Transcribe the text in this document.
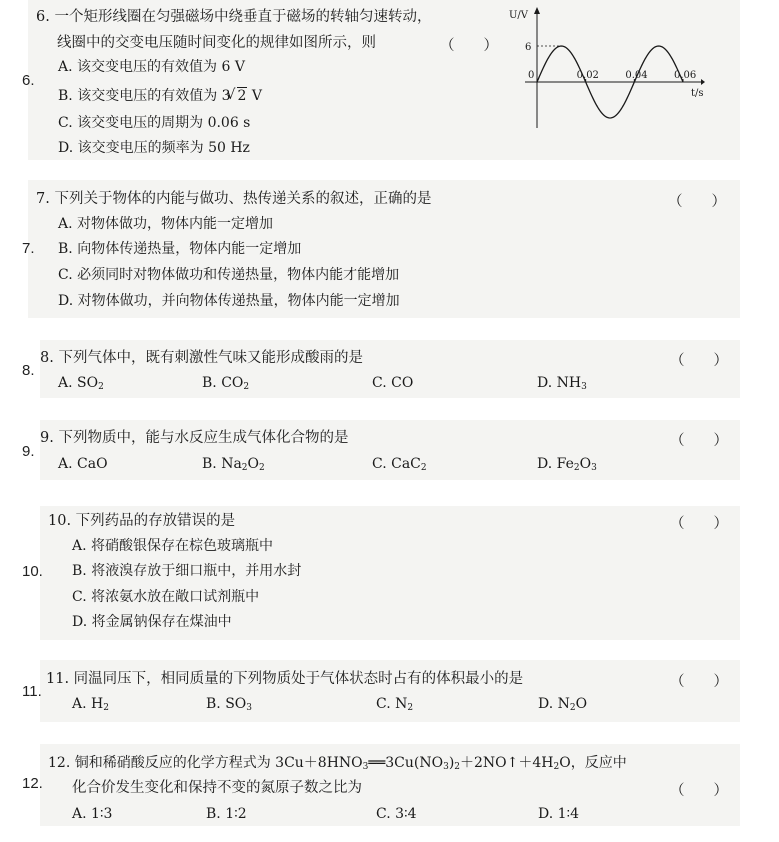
6.
6. 一个矩形线圈在匀强磁场中绕垂直于磁场的转轴匀速转动，
线圈中的交变电压随时间变化的规律如图所示，则	（　　）
A. 该交变电压的有效值为 6 V
B. 该交变电压的有效值为 3√ 2 V
C. 该交变电压的周期为 0.06 s
D. 该交变电压的频率为 50 Hz
U/V
t/s
0	0.02	0.04	0.06
6
7.
7. 下列关于物体的内能与做功、热传递关系的叙述，正确的是	（　　）
A. 对物体做功，物体内能一定增加
B. 向物体传递热量，物体内能一定增加
C. 必须同时对物体做功和传递热量，物体内能才能增加
D. 对物体做功，并向物体传递热量，物体内能一定增加
8.
8. 下列气体中，既有刺激性气味又能形成酸雨的是	（　　）
A. $SO_2$	B. $CO_2$	C. CO	D. $NH_3$
9.
9. 下列物质中，能与水反应生成气体化合物的是	（　　）
A. CaO	B. $Na_2O_2$	C. CaC$_2$	D. $Fe_2O_3$
10.
10. 下列药品的存放错误的是	（　　）
A. 将硝酸银保存在棕色玻璃瓶中
B. 将液溴存放于细口瓶中，并用水封
C. 将浓氨水放在敞口试剂瓶中
D. 将金属钠保存在煤油中
11.
11. 同温同压下，相同质量的下列物质处于气体状态时占有的体积最小的是	（　　）
A. $H_2$	B. $SO_3$	C. $N_2$	D. $N_2O$
12.
12. 铜和稀硝酸反应的化学方程式为 $3Cu+8HNO_3══3Cu(NO_3)_2+2NO↑+4H_2O$，反应中
化合价发生变化和保持不变的氮原子数之比为	（　　）
A. 1∶3	B. 1∶2	C. 3∶4	D. 1∶4
